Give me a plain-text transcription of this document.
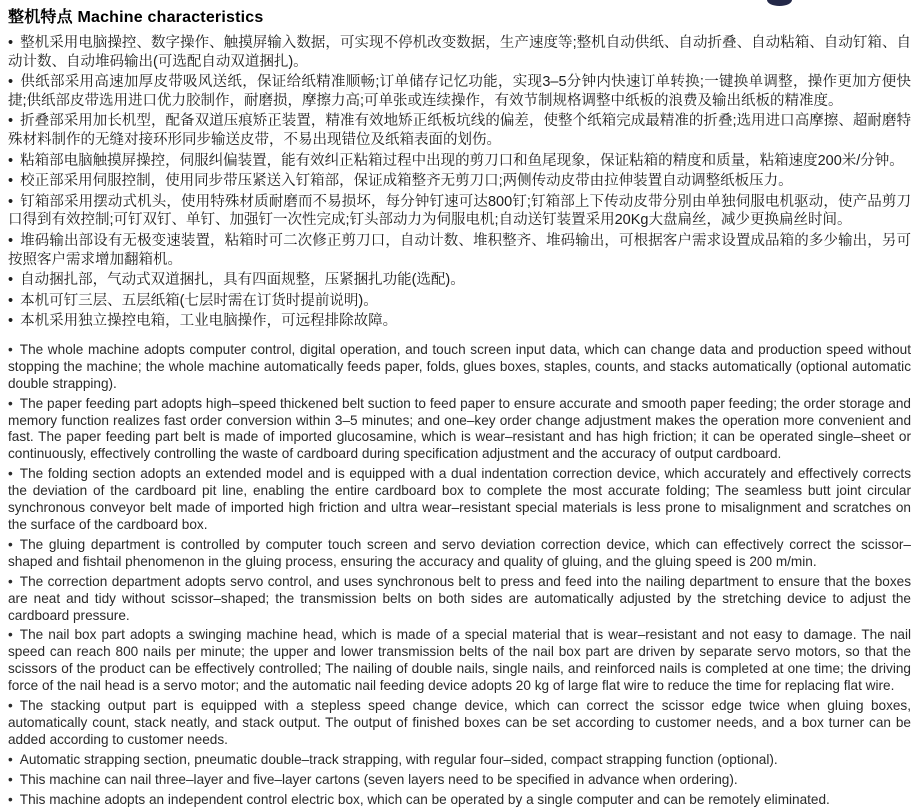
整机特点 Machine characteristics

• 整机采用电脑操控、数字操作、触摸屏输入数据，可实现不停机改变数据，生产速度等;整机自动供纸、自动折叠、自动粘箱、自动钉箱、自动计数、自动堆码输出(可选配自动双道捆扎)。

• 供纸部采用高速加厚皮带吸风送纸，保证给纸精准顺畅;订单储存记忆功能，实现3–5分钟内快速订单转换;一键换单调整，操作更加方便快捷;供纸部皮带选用进口优力胶制作，耐磨损，摩擦力高;可单张或连续操作，有效节制规格调整中纸板的浪费及输出纸板的精准度。

• 折叠部采用加长机型，配备双道压痕矫正装置，精准有效地矫正纸板坑线的偏差，使整个纸箱完成最精准的折叠;选用进口高摩擦、超耐磨特殊材料制作的无缝对接环形同步输送皮带，不易出现错位及纸箱表面的划伤。

• 粘箱部电脑触摸屏操控，伺服纠偏装置，能有效纠正粘箱过程中出现的剪刀口和鱼尾现象，保证粘箱的精度和质量，粘箱速度200米/分钟。

• 校正部采用伺服控制，使用同步带压紧送入钉箱部，保证成箱整齐无剪刀口;两侧传动皮带由拉伸装置自动调整纸板压力。

• 钉箱部采用摆动式机头，使用特殊材质耐磨而不易损坏，每分钟钉速可达800钉;钉箱部上下传动皮带分别由单独伺服电机驱动，使产品剪刀口得到有效控制;可钉双钉、单钉、加强钉一次性完成;钉头部动力为伺服电机;自动送钉装置采用20Kg大盘扁丝，减少更换扁丝时间。

• 堆码输出部设有无极变速装置，粘箱时可二次修正剪刀口，自动计数、堆积整齐、堆码输出，可根据客户需求设置成品箱的多少输出，另可按照客户需求增加翻箱机。

• 自动捆扎部，气动式双道捆扎，具有四面规整，压紧捆扎功能(选配)。

• 本机可钉三层、五层纸箱(七层时需在订货时提前说明)。

• 本机采用独立操控电箱，工业电脑操作，可远程排除故障。

• The whole machine adopts computer control, digital operation, and touch screen input data, which can change data and production speed without stopping the machine; the whole machine automatically feeds paper, folds, glues boxes, staples, counts, and stacks automatically (optional automatic double strapping).

• The paper feeding part adopts high–speed thickened belt suction to feed paper to ensure accurate and smooth paper feeding; the order storage and memory function realizes fast order conversion within 3–5 minutes; and one–key order change adjustment makes the operation more convenient and fast. The paper feeding part belt is made of imported glucosamine, which is wear–resistant and has high friction; it can be operated single–sheet or continuously, effectively controlling the waste of cardboard during specification adjustment and the accuracy of output cardboard.

• The folding section adopts an extended model and is equipped with a dual indentation correction device, which accurately and effectively corrects the deviation of the cardboard pit line, enabling the entire cardboard box to complete the most accurate folding; The seamless butt joint circular synchronous conveyor belt made of imported high friction and ultra wear–resistant special materials is less prone to misalignment and scratches on the surface of the cardboard box.

• The gluing department is controlled by computer touch screen and servo deviation correction device, which can effectively correct the scissor–shaped and fishtail phenomenon in the gluing process, ensuring the accuracy and quality of gluing, and the gluing speed is 200 m/min.

• The correction department adopts servo control, and uses synchronous belt to press and feed into the nailing department to ensure that the boxes are neat and tidy without scissor–shaped; the transmission belts on both sides are automatically adjusted by the stretching device to adjust the cardboard pressure.

• The nail box part adopts a swinging machine head, which is made of a special material that is wear–resistant and not easy to damage. The nail speed can reach 800 nails per minute; the upper and lower transmission belts of the nail box part are driven by separate servo motors, so that the scissors of the product can be effectively controlled; The nailing of double nails, single nails, and reinforced nails is completed at one time; the driving force of the nail head is a servo motor; and the automatic nail feeding device adopts 20 kg of large flat wire to reduce the time for replacing flat wire.

• The stacking output part is equipped with a stepless speed change device, which can correct the scissor edge twice when gluing boxes, automatically count, stack neatly, and stack output. The output of finished boxes can be set according to customer needs, and a box turner can be added according to customer needs.

• Automatic strapping section, pneumatic double–track strapping, with regular four–sided, compact strapping function (optional).

• This machine can nail three–layer and five–layer cartons (seven layers need to be specified in advance when ordering).

• This machine adopts an independent control electric box, which can be operated by a single computer and can be remotely eliminated.
